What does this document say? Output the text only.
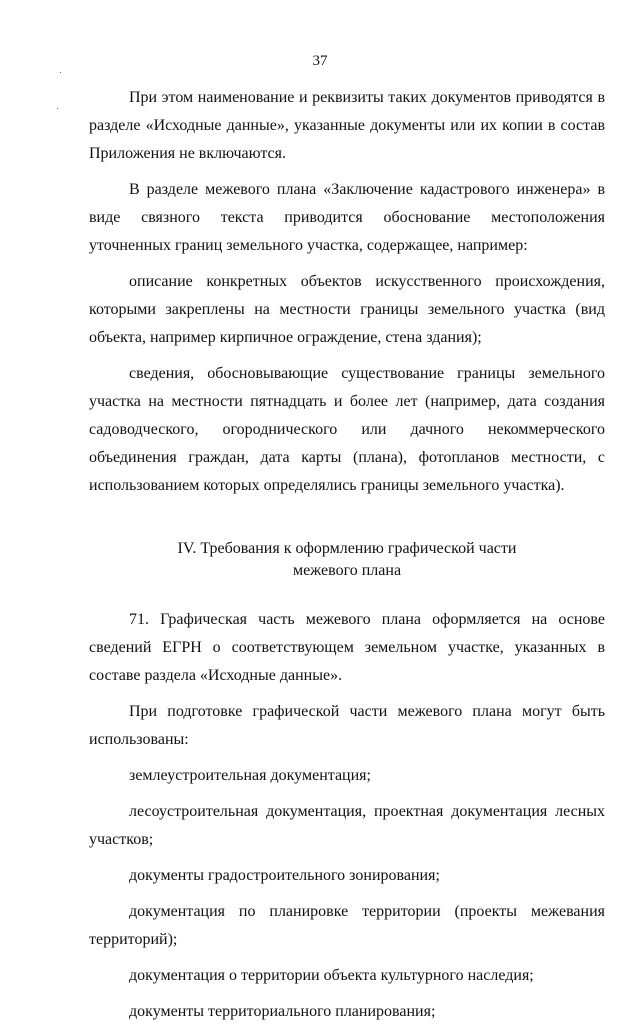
37

При этом наименование и реквизиты таких документов приводятся в разделе «Исходные данные», указанные документы или их копии в состав Приложения не включаются.

В разделе межевого плана «Заключение кадастрового инженера» в виде связного текста приводится обоснование местоположения уточненных границ земельного участка, содержащее, например:

описание конкретных объектов искусственного происхождения, которыми закреплены на местности границы земельного участка (вид объекта, например кирпичное ограждение, стена здания);

сведения, обосновывающие существование границы земельного участка на местности пятнадцать и более лет (например, дата создания садоводческого, огороднического или дачного некоммерческого объединения граждан, дата карты (плана), фотопланов местности, с использованием которых определялись границы земельного участка).

IV. Требования к оформлению графической части
межевого плана

71. Графическая часть межевого плана оформляется на основе сведений ЕГРН о соответствующем земельном участке, указанных в составе раздела «Исходные данные».

При подготовке графической части межевого плана могут быть использованы:

землеустроительная документация;

лесоустроительная документация, проектная документация лесных участков;

документы градостроительного зонирования;

документация по планировке территории (проекты межевания территорий);

документация о территории объекта культурного наследия;

документы территориального планирования;
